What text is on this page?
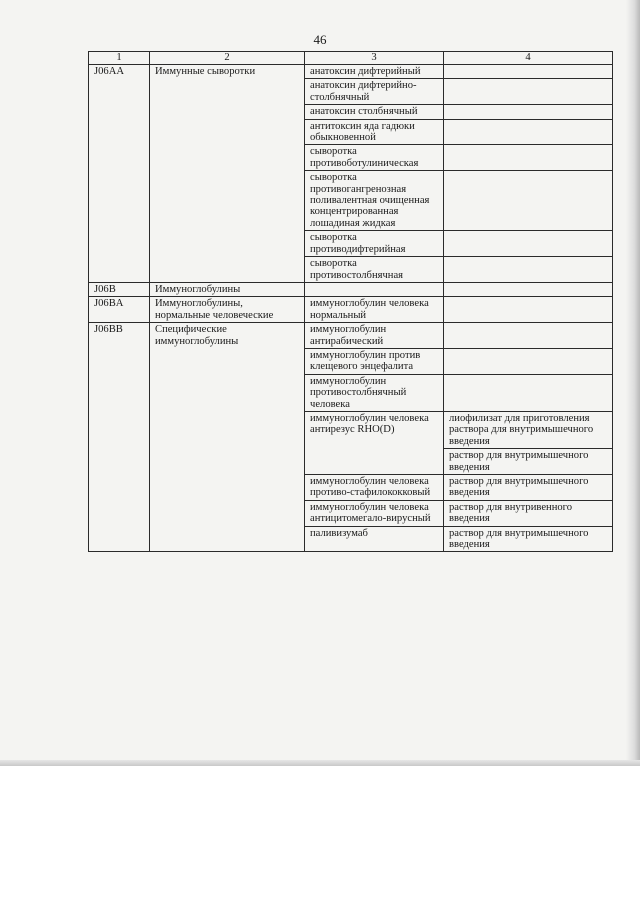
46
1	2	3	4
J06AA	Иммунные сыворотки	анатоксин дифтерийный	
		анатоксин дифтерийно-столбнячный	
		анатоксин столбнячный	
		антитоксин яда гадюки обыкновенной	
		сыворотка противоботулиническая	
		сыворотка противогангренозная поливалентная очищенная концентрированная лошадиная жидкая	
		сыворотка противодифтерийная	
		сыворотка противостолбнячная	
J06B	Иммуноглобулины		
J06BA	Иммуноглобулины, нормальные человеческие	иммуноглобулин человека нормальный	
J06BB	Специфические иммуноглобулины	иммуноглобулин антирабический	
		иммуноглобулин против клещевого энцефалита	
		иммуноглобулин противостолбнячный человека	
		иммуноглобулин человека антирезус RHO(D)	лиофилизат для приготовления раствора для внутримышечного введения
			раствор для внутримышечного введения
		иммуноглобулин человека противо-стафилококковый	раствор для внутримышечного введения
		иммуноглобулин человека антицитомегало-вирусный	раствор для внутривенного введения
		паливизумаб	раствор для внутримышечного введения
